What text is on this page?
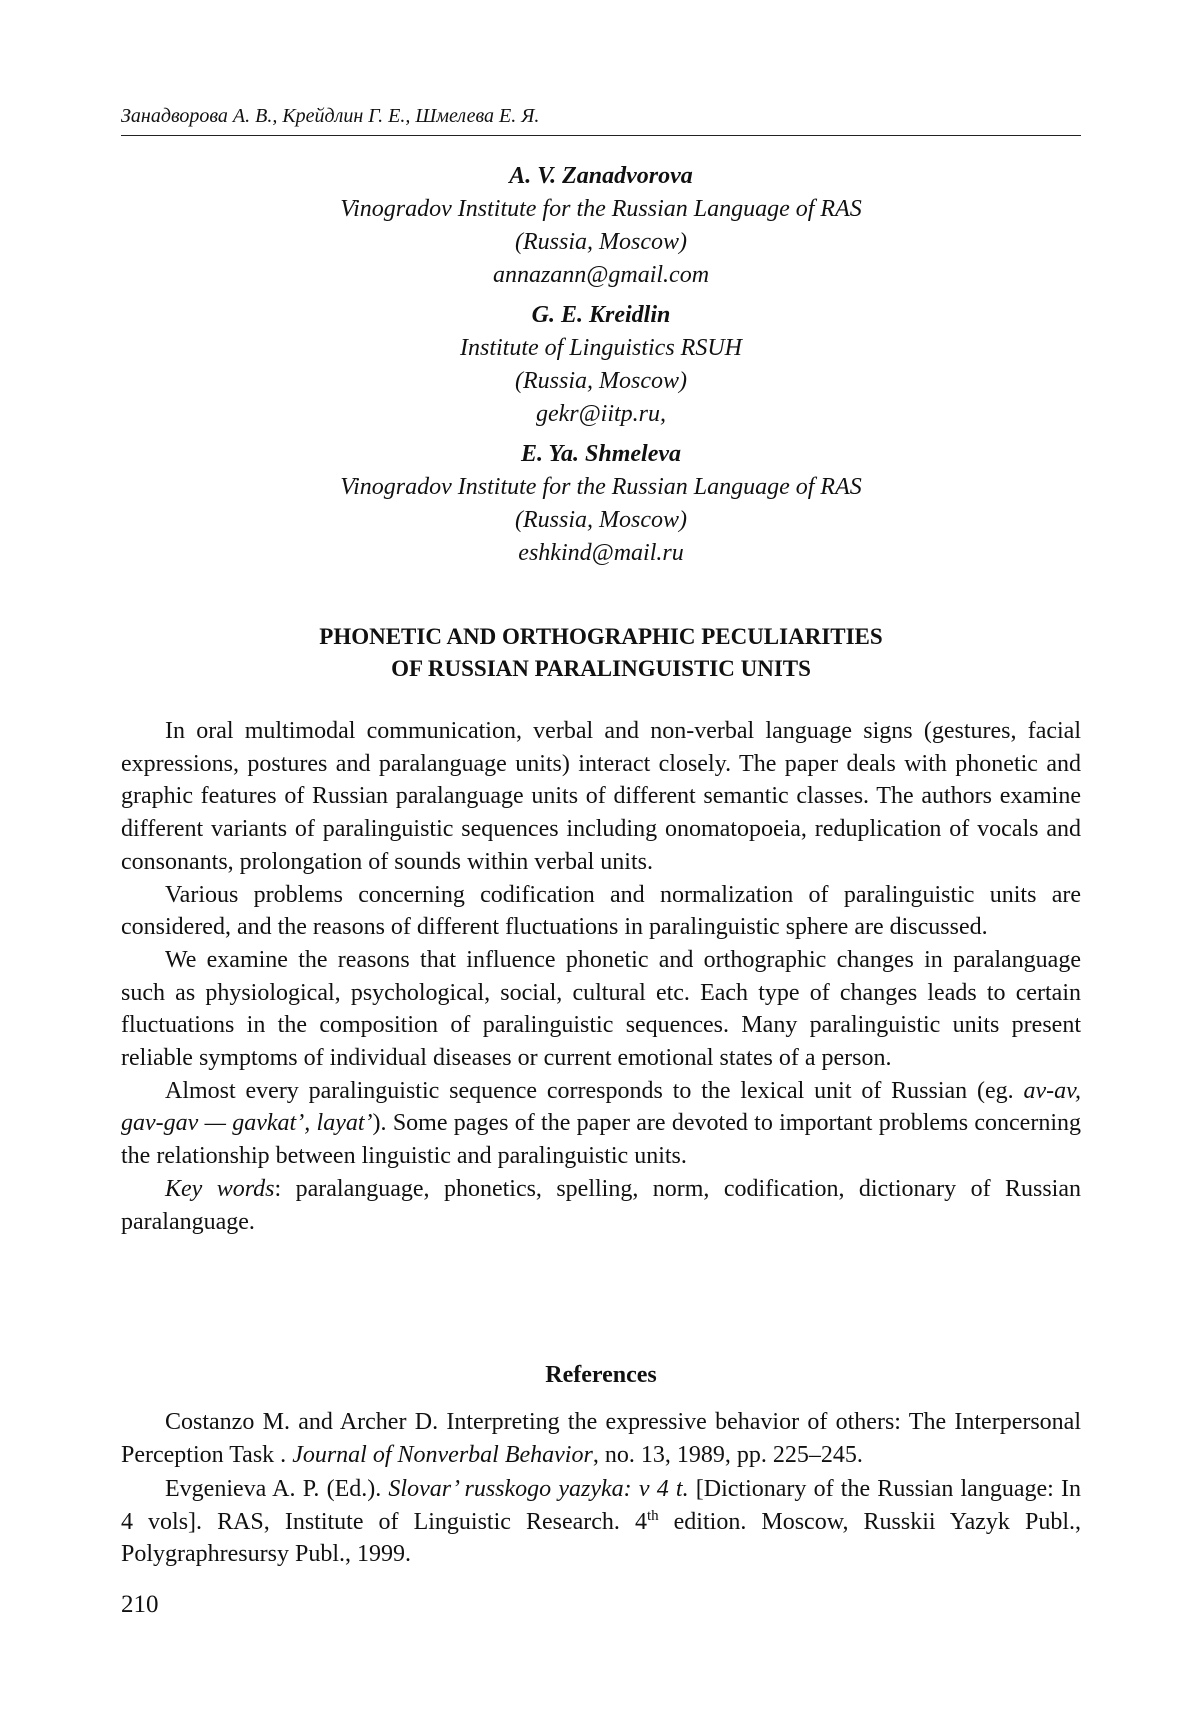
Занадворова А. В., Крейдлин Г. Е., Шмелева Е. Я.
A. V. Zanadvorova
Vinogradov Institute for the Russian Language of RAS
(Russia, Moscow)
annazann@gmail.com
G. E. Kreidlin
Institute of Linguistics RSUH
(Russia, Moscow)
gekr@iitp.ru,
E. Ya. Shmeleva
Vinogradov Institute for the Russian Language of RAS
(Russia, Moscow)
eshkind@mail.ru
PHONETIC AND ORTHOGRAPHIC PECULIARITIES
OF RUSSIAN PARALINGUISTIC UNITS

In oral multimodal communication, verbal and non-verbal language signs (gestures, facial expressions, postures and paralanguage units) interact closely. The paper deals with phonetic and graphic features of Russian paralanguage units of different semantic classes. The authors examine different variants of paralinguistic sequences including onomatopoeia, reduplication of vocals and consonants, prolongation of sounds within verbal units.

Various problems concerning codification and normalization of paralinguistic units are considered, and the reasons of different fluctuations in paralinguistic sphere are discussed.

We examine the reasons that influence phonetic and orthographic changes in paralanguage such as physiological, psychological, social, cultural etc. Each type of changes leads to certain fluctuations in the composition of paralinguistic sequences. Many paralinguistic units present reliable symptoms of individual diseases or current emotional states of a person.

Almost every paralinguistic sequence corresponds to the lexical unit of Russian (eg. av-av, gav-gav — gavkat’, layat’). Some pages of the paper are devoted to important problems concerning the relationship between linguistic and paralinguistic units.

Key words: paralanguage, phonetics, spelling, norm, codification, dictionary of Russian paralanguage.

References

Costanzo M. and Archer D. Interpreting the expressive behavior of others: The Interpersonal Perception Task . Journal of Nonverbal Behavior, no. 13, 1989, pp. 225–245.

Evgenieva A. P. (Ed.). Slovar’ russkogo yazyka: v 4 t. [Dictionary of the Russian language: In 4 vols]. RAS, Institute of Linguistic Research. 4th edition. Moscow, Russkii Yazyk Publ., Polygraphresursy Publ., 1999.

210
